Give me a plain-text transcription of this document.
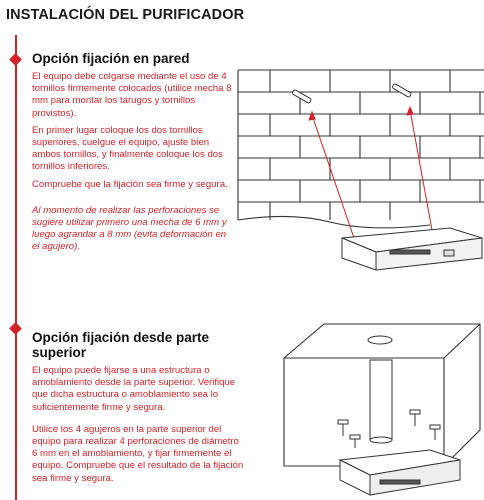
INSTALACIÓN DEL PURIFICADOR
Opción fijación en pared
El equipo debe colgarse mediante el uso de 4 tornillos firmemente colocados (utilice mecha 8 mm para montar los tarugos y tornillos provistos).
En primer lugar coloque los dos tornillos superiores, cuelgue el equipo, ajuste bien ambos tornillos, y finalmente coloque los dos tornillos inferiores.
Compruebe que la fijación sea firme y segura.
Al momento de realizar las perforaciones se sugiere utilizar primero una mecha de 6 mm y luego agrandar a 8 mm (evita deformación en el agujero).
Opción fijación desde parte superior
El equipo puede fijarse a una estructura o amoblamiento desde la parte superior. Verifique que dicha estructura o amoblamiento sea lo suficientemente firme y segura.
Utilice los 4 agujeros en la parte superior del equipo para realizar 4 perforaciones de diámetro 6 mm en el amoblamiento, y fijar firmemente el equipo. Compruebe que el resultado de la fijación sea firme y segura.
